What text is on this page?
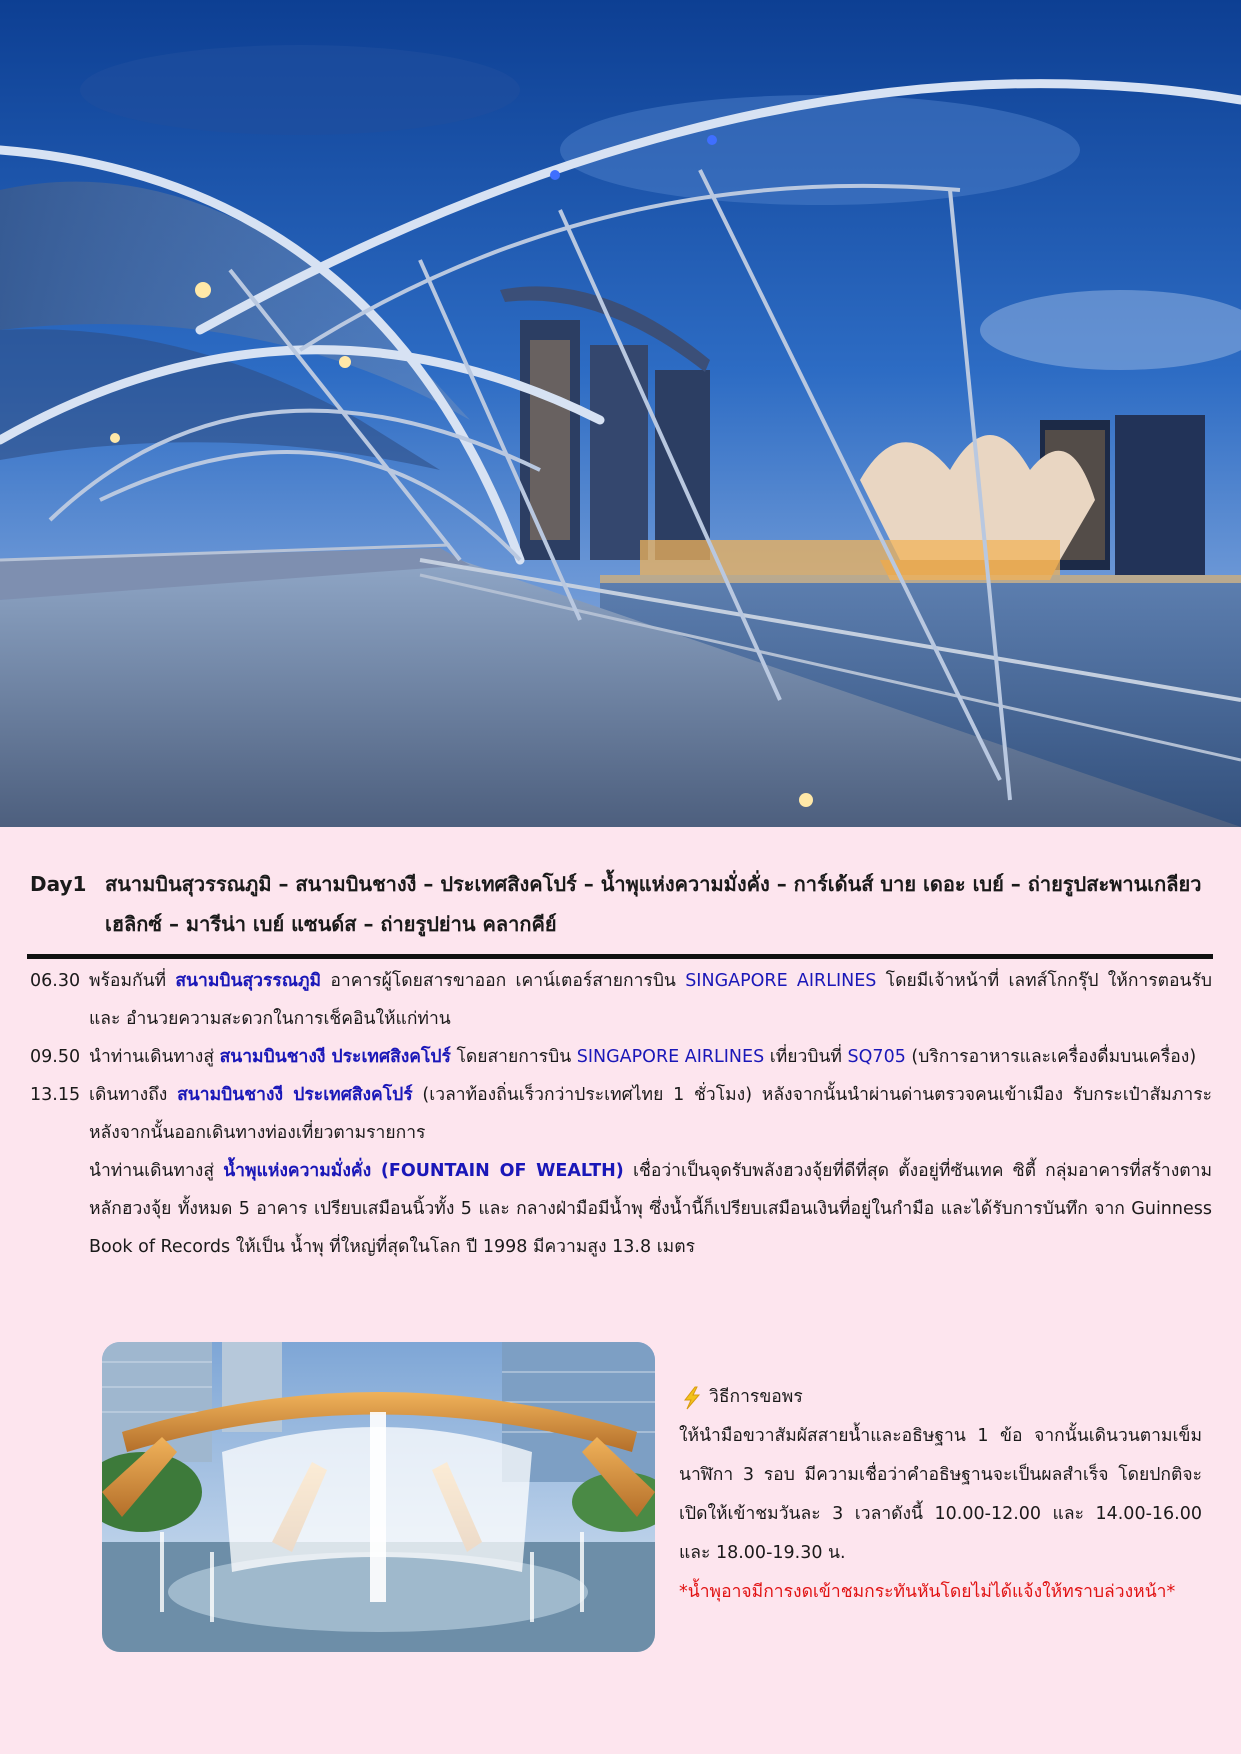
Day1 สนามบินสุวรรณภูมิ – สนามบินชางงี – ประเทศสิงคโปร์ – น้ำพุแห่งความมั่งคั่ง – การ์เด้นส์ บาย เดอะ เบย์ – ถ่ายรูปสะพานเกลียวเฮลิกซ์ – มารีน่า เบย์ แซนด์ส – ถ่ายรูปย่าน คลากคีย์
06.30 พร้อมกันที่ สนามบินสุวรรณภูมิ อาคารผู้โดยสารขาออก เคาน์เตอร์สายการบิน SINGAPORE AIRLINES โดยมีเจ้าหน้าที่ เลทส์โกกรุ๊ป ให้การตอนรับ และ อำนวยความสะดวกในการเช็คอินให้แก่ท่าน
09.50 นำท่านเดินทางสู่ สนามบินชางงี ประเทศสิงคโปร์ โดยสายการบิน SINGAPORE AIRLINES เที่ยวบินที่ SQ705 (บริการอาหารและเครื่องดื่มบนเครื่อง)
13.15 เดินทางถึง สนามบินชางงี ประเทศสิงคโปร์ (เวลาท้องถิ่นเร็วกว่าประเทศไทย 1 ชั่วโมง) หลังจากนั้นนำผ่านด่านตรวจคนเข้าเมือง รับกระเป๋าสัมภาระหลังจากนั้นออกเดินทางท่องเที่ยวตามรายการ
นำท่านเดินทางสู่ น้ำพุแห่งความมั่งคั่ง (FOUNTAIN OF WEALTH) เชื่อว่าเป็นจุดรับพลังฮวงจุ้ยที่ดีที่สุด ตั้งอยู่ที่ซันเทค ซิตี้ กลุ่มอาคารที่สร้างตามหลักฮวงจุ้ย ทั้งหมด 5 อาคาร เปรียบเสมือนนิ้วทั้ง 5 และ กลางฝ่ามือมีน้ำพุ ซึ่งน้ำนี้ก็เปรียบเสมือนเงินที่อยู่ในกำมือ และได้รับการบันทึก จาก Guinness Book of Records ให้เป็น น้ำพุ ที่ใหญ่ที่สุดในโลก ปี 1998 มีความสูง 13.8 เมตร
วิธีการขอพร
ให้นำมือขวาสัมผัสสายน้ำและอธิษฐาน 1 ข้อ จากนั้นเดินวนตามเข็มนาฬิกา 3 รอบ มีความเชื่อว่าคำอธิษฐานจะเป็นผลสำเร็จ โดยปกติจะเปิดให้เข้าชมวันละ 3 เวลาดังนี้ 10.00-12.00 และ 14.00-16.00 และ 18.00-19.30 น.
*น้ำพุอาจมีการงดเข้าชมกระทันหันโดยไม่ได้แจ้งให้ทราบล่วงหน้า*
